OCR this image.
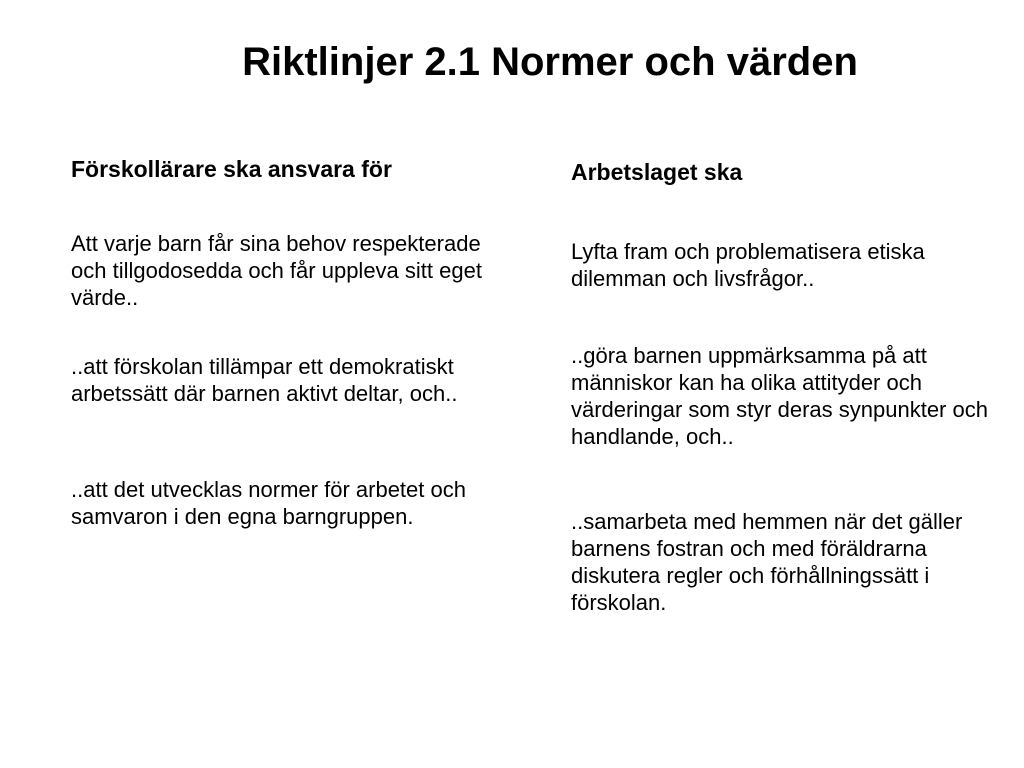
Riktlinjer 2.1 Normer och värden
Förskollärare ska ansvara för

Att varje barn får sina behov respekterade och tillgodosedda och får uppleva sitt eget värde..

..att förskolan tillämpar ett demokratiskt arbetssätt där barnen aktivt deltar, och..

..att det utvecklas normer för arbetet och samvaron i den egna barngruppen.

Arbetslaget ska

Lyfta fram och problematisera etiska dilemman och livsfrågor..

..göra barnen uppmärksamma på att människor kan ha olika attityder och värderingar som styr deras synpunkter och handlande, och..

..samarbeta med hemmen när det gäller barnens fostran och med föräldrarna diskutera regler och förhållningssätt i förskolan.
